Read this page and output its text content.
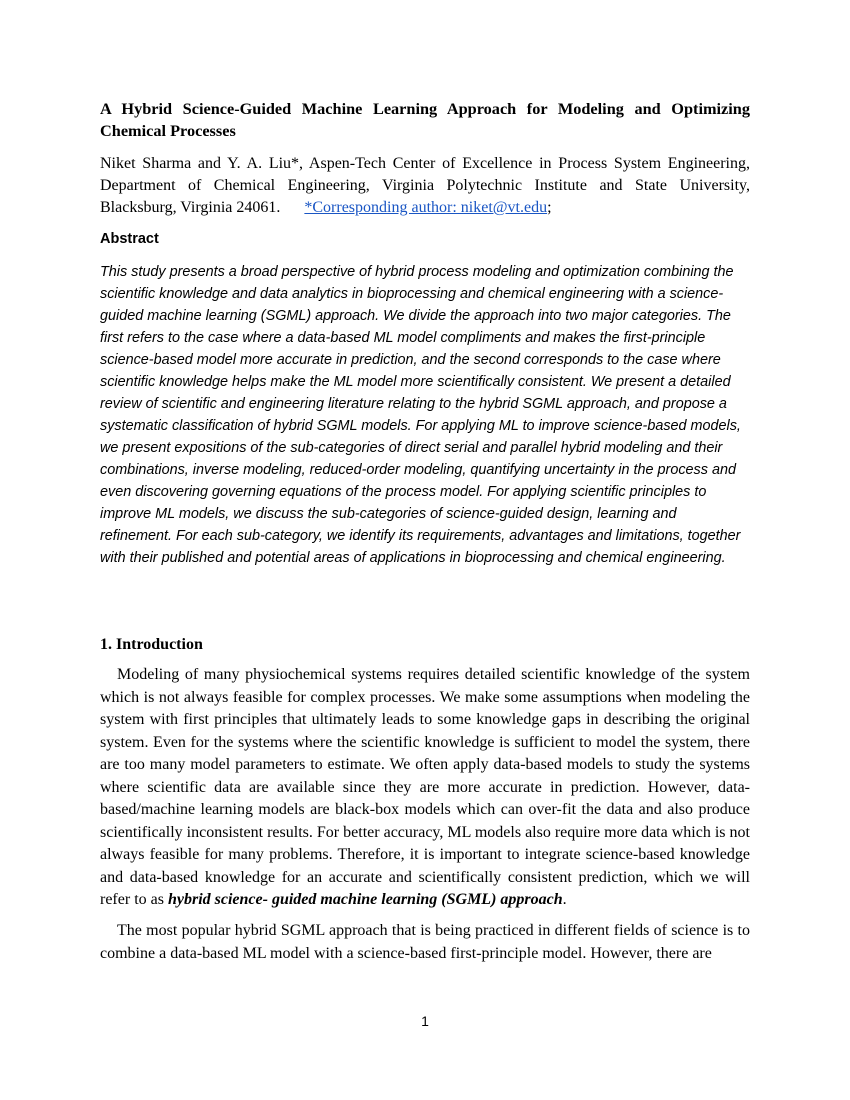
A Hybrid Science-Guided Machine Learning Approach for Modeling and Optimizing Chemical Processes
Niket Sharma and Y. A. Liu*, Aspen-Tech Center of Excellence in Process System Engineering, Department of Chemical Engineering, Virginia Polytechnic Institute and State University, Blacksburg, Virginia 24061. *Corresponding author: niket@vt.edu;
Abstract
This study presents a broad perspective of hybrid process modeling and optimization combining the scientific knowledge and data analytics in bioprocessing and chemical engineering with a science-guided machine learning (SGML) approach. We divide the approach into two major categories. The first refers to the case where a data-based ML model compliments and makes the first-principle science-based model more accurate in prediction, and the second corresponds to the case where scientific knowledge helps make the ML model more scientifically consistent. We present a detailed review of scientific and engineering literature relating to the hybrid SGML approach, and propose a systematic classification of hybrid SGML models. For applying ML to improve science-based models, we present expositions of the sub-categories of direct serial and parallel hybrid modeling and their combinations, inverse modeling, reduced-order modeling, quantifying uncertainty in the process and even discovering governing equations of the process model. For applying scientific principles to improve ML models, we discuss the sub-categories of science-guided design, learning and refinement. For each sub-category, we identify its requirements, advantages and limitations, together with their published and potential areas of applications in bioprocessing and chemical engineering.
1. Introduction
Modeling of many physiochemical systems requires detailed scientific knowledge of the system which is not always feasible for complex processes. We make some assumptions when modeling the system with first principles that ultimately leads to some knowledge gaps in describing the original system. Even for the systems where the scientific knowledge is sufficient to model the system, there are too many model parameters to estimate. We often apply data-based models to study the systems where scientific data are available since they are more accurate in prediction. However, data-based/machine learning models are black-box models which can over-fit the data and also produce scientifically inconsistent results. For better accuracy, ML models also require more data which is not always feasible for many problems. Therefore, it is important to integrate science-based knowledge and data-based knowledge for an accurate and scientifically consistent prediction, which we will refer to as hybrid science- guided machine learning (SGML) approach.
The most popular hybrid SGML approach that is being practiced in different fields of science is to combine a data-based ML model with a science-based first-principle model. However, there are
1
